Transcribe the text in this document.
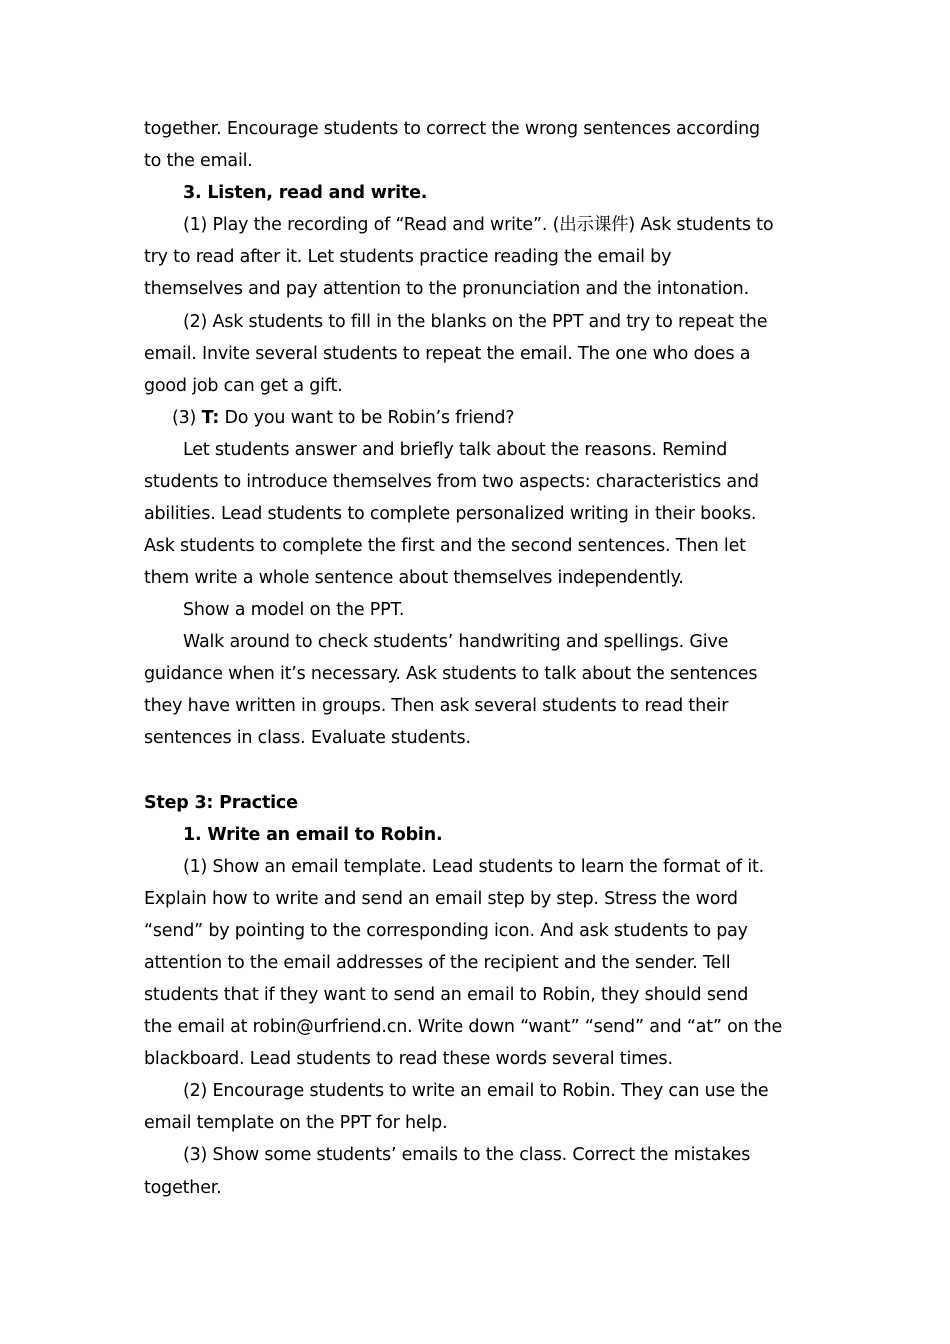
together. Encourage students to correct the wrong sentences according
to the email.
3. Listen, read and write.
(1) Play the recording of “Read and write”. (出示课件) Ask students to
try to read after it. Let students practice reading the email by
themselves and pay attention to the pronunciation and the intonation.
(2) Ask students to fill in the blanks on the PPT and try to repeat the
email. Invite several students to repeat the email. The one who does a
good job can get a gift.
(3) T: Do you want to be Robin’s friend?
Let students answer and briefly talk about the reasons. Remind
students to introduce themselves from two aspects: characteristics and
abilities. Lead students to complete personalized writing in their books.
Ask students to complete the first and the second sentences. Then let
them write a whole sentence about themselves independently.
Show a model on the PPT.
Walk around to check students’ handwriting and spellings. Give
guidance when it’s necessary. Ask students to talk about the sentences
they have written in groups. Then ask several students to read their
sentences in class. Evaluate students.
Step 3: Practice
1. Write an email to Robin.
(1) Show an email template. Lead students to learn the format of it.
Explain how to write and send an email step by step. Stress the word
“send” by pointing to the corresponding icon. And ask students to pay
attention to the email addresses of the recipient and the sender. Tell
students that if they want to send an email to Robin, they should send
the email at robin@urfriend.cn. Write down “want” “send” and “at” on the
blackboard. Lead students to read these words several times.
(2) Encourage students to write an email to Robin. They can use the
email template on the PPT for help.
(3) Show some students’ emails to the class. Correct the mistakes
together.
